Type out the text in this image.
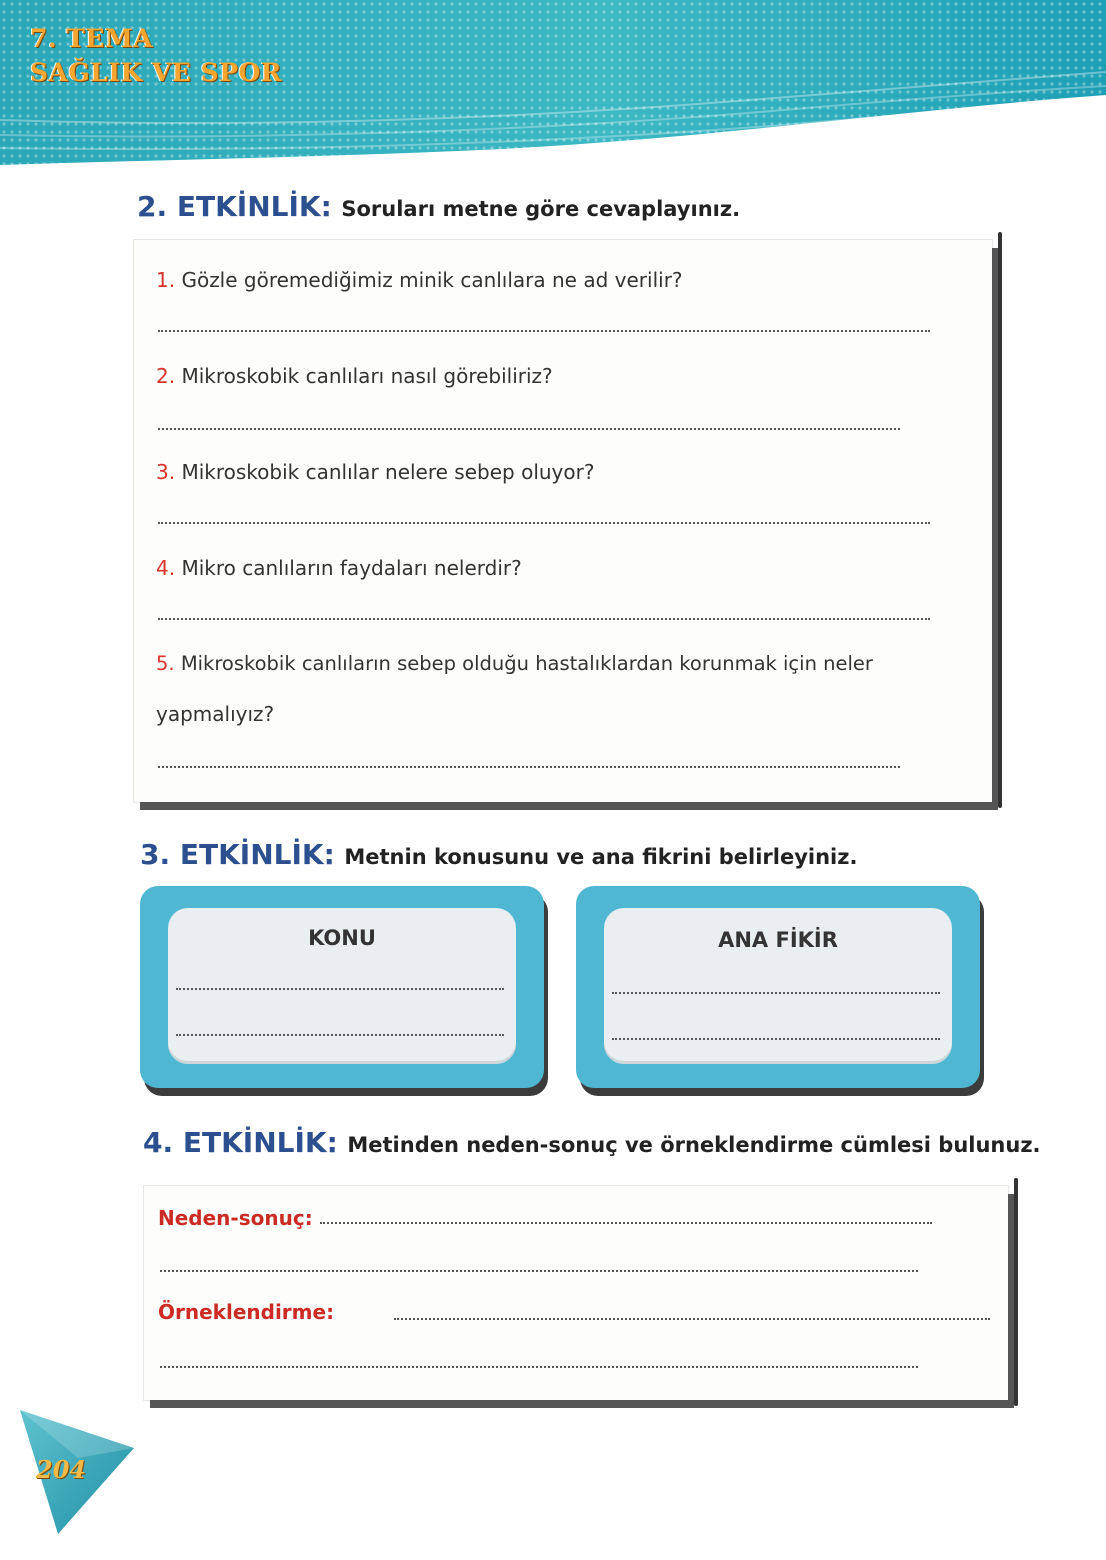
7. TEMA
SAĞLIK VE SPOR
2. ETKİNLİK: Soruları metne göre cevaplayınız.
1. Gözle göremediğimiz minik canlılara ne ad verilir?
2. Mikroskobik canlıları nasıl görebiliriz?
3. Mikroskobik canlılar nelere sebep oluyor?
4. Mikro canlıların faydaları nelerdir?
5. Mikroskobik canlıların sebep olduğu hastalıklardan korunmak için neler
yapmalıyız?
3. ETKİNLİK: Metnin konusunu ve ana fikrini belirleyiniz.
KONU	ANA FİKİR
4. ETKİNLİK: Metinden neden-sonuç ve örneklendirme cümlesi bulunuz.
Neden-sonuç:
Örneklendirme:
204
